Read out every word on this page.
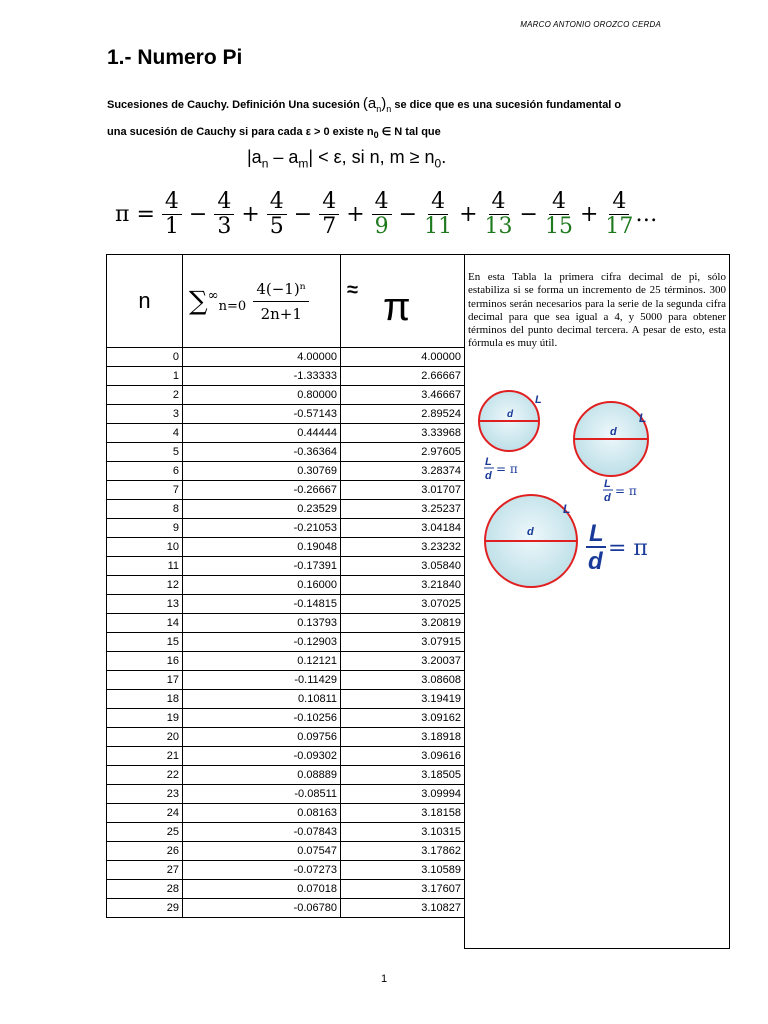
MARCO ANTONIO OROZCO CERDA
1.- Numero Pi
Sucesiones de Cauchy. Definición Una sucesión $(a_n)_n$ se dice que es una sucesión fundamental o
una sucesión de Cauchy si para cada ε > 0 existe $n_0$ ∈ N tal que
$|a_n - a_m| < \varepsilon$, si n, $m \ge n_0$.
$\pi = \frac{4}{1} - \frac{4}{3} + \frac{4}{5} - \frac{4}{7} + \frac{4}{9} - \frac{4}{11} + \frac{4}{13} - \frac{4}{15} + \frac{4}{17}$ …
n	$\sum^\infty_{n=0} \frac{\text{4(−1)ⁿ}}{2n+1}$	≈ π

0	4.00000	4.00000
1	-1.33333	2.66667
2	0.80000	3.46667
3	-0.57143	2.89524
4	0.44444	3.33968
5	-0.36364	2.97605
6	0.30769	3.28374
7	-0.26667	3.01707
8	0.23529	3.25237
9	-0.21053	3.04184
10	0.19048	3.23232
11	-0.17391	3.05840
12	0.16000	3.21840
13	-0.14815	3.07025
14	0.13793	3.20819
15	-0.12903	3.07915
16	0.12121	3.20037
17	-0.11429	3.08608
18	0.10811	3.19419
19	-0.10256	3.09162
20	0.09756	3.18918
21	-0.09302	3.09616
22	0.08889	3.18505
23	-0.08511	3.09994
24	0.08163	3.18158
25	-0.07843	3.10315
26	0.07547	3.17862
27	-0.07273	3.10589
28	0.07018	3.17607
29	-0.06780	3.10827
En esta Tabla la primera cifra decimal de pi, sólo estabiliza si se forma un incremento de 25 términos. 300 terminos serán necesarios para la serie de la segunda cifra decimal para que sea igual a 4, y 5000 para obtener términos del punto decimal tercera. A pesar de esto, esta fórmula es muy útil.
d
L
L
d = π
d
L
L
d = π
d
L
L
d = π
1
